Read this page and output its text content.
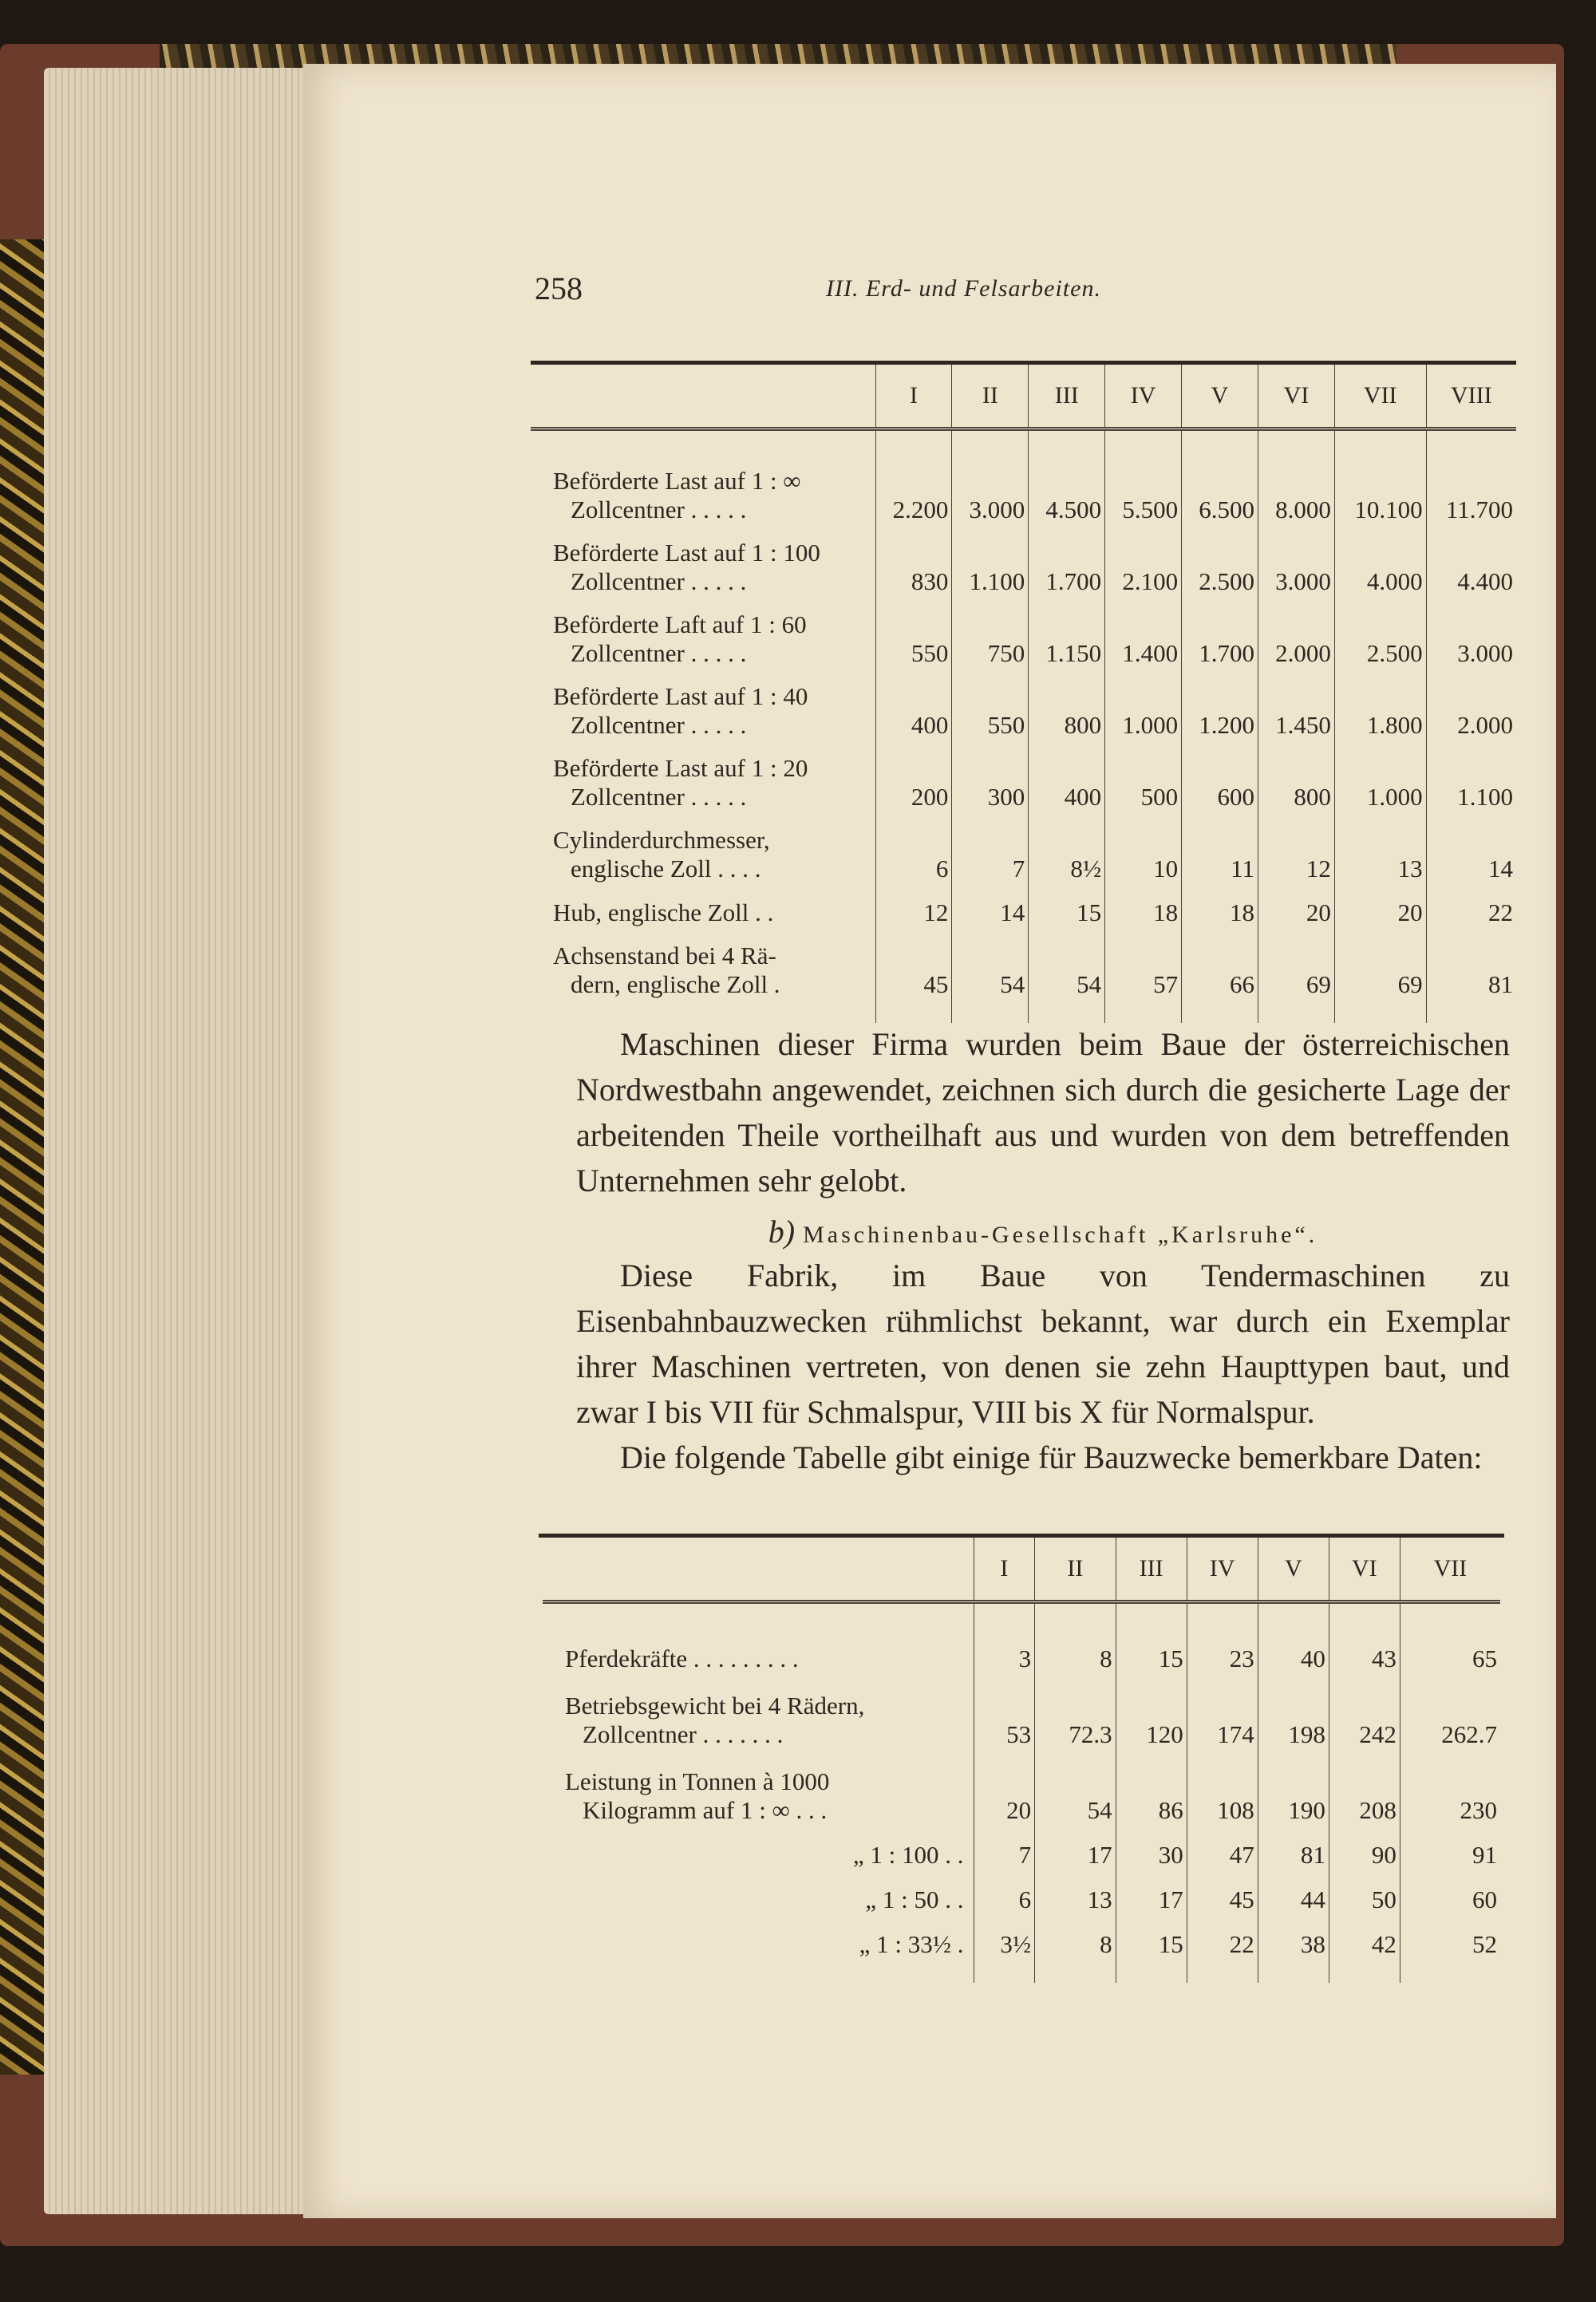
258	III. Erd- und Felsarbeiten.
	I	II	III	IV	V	VI	VII	VIII

Beförderte Last auf 1 : ∞
Zollcentner . . . . .	2.200	3.000	4.500	5.500	6.500	8.000	10.100	11.700

Beförderte Last auf 1 : 100
Zollcentner . . . . .	830	1.100	1.700	2.100	2.500	3.000	4.000	4.400

Beförderte Laft auf 1 : 60
Zollcentner . . . . .	550	750	1.150	1.400	1.700	2.000	2.500	3.000

Beförderte Last auf 1 : 40
Zollcentner . . . . .	400	550	800	1.000	1.200	1.450	1.800	2.000

Beförderte Last auf 1 : 20
Zollcentner . . . . .	200	300	400	500	600	800	1.000	1.100

Cylinderdurchmesser,
englische Zoll . . . .	6	7	8½	10	11	12	13	14

Hub, englische Zoll . .	12	14	15	18	18	20	20	22

Achsenstand bei 4 Rä-
dern, englische Zoll .	45	54	54	57	66	69	69	81

Maschinen dieser Firma wurden beim Baue der österreichischen Nordwestbahn angewendet, zeichnen sich durch die gesicherte Lage der arbeitenden Theile vortheilhaft aus und wurden von dem betreffenden Unternehmen sehr gelobt.

b) Maschinenbau-Gesellschaft „Karlsruhe“.

Diese Fabrik, im Baue von Tendermaschinen zu Eisenbahnbauzwecken rühmlichst bekannt, war durch ein Exemplar ihrer Maschinen vertreten, von denen sie zehn Haupttypen baut, und zwar I bis VII für Schmalspur, VIII bis X für Normalspur.

Die folgende Tabelle gibt einige für Bauzwecke bemerkbare Daten:

	I	II	III	IV	V	VI	VII

Pferdekräfte . . . . . . . . .	3	8	15	23	40	43	65

Betriebsgewicht bei 4 Rädern,
Zollcentner . . . . . . .	53	72.3	120	174	198	242	262.7

Leistung in Tonnen à 1000
Kilogramm auf 1 : ∞ . . .	20	54	86	108	190	208	230

„ 1 : 100 . .	7	17	30	47	81	90	91

„ 1 : 50 . .	6	13	17	45	44	50	60

„ 1 : 33½ .	3½	8	15	22	38	42	52
